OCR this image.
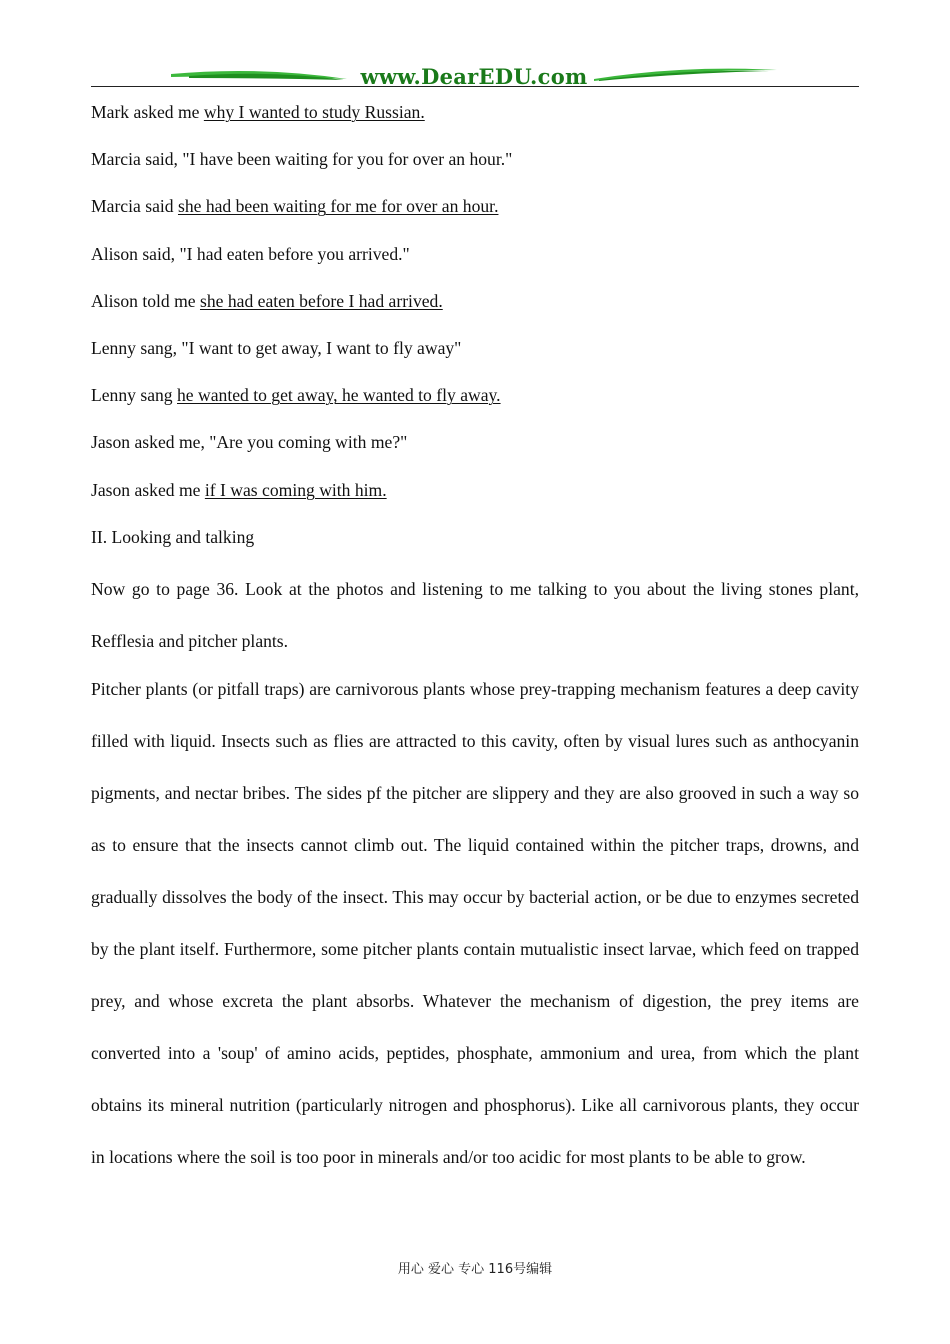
www.DearEDU.com
Mark asked me why I wanted to study Russian.
Marcia said, "I have been waiting for you for over an hour."
Marcia said she had been waiting for me for over an hour.
Alison said, "I had eaten before you arrived."
Alison told me she had eaten before I had arrived.
Lenny sang, "I want to get away, I want to fly away"
Lenny sang he wanted to get away, he wanted to fly away.
Jason asked me, "Are you coming with me?"
Jason asked me if I was coming with him.
II. Looking and talking

Now go to page 36. Look at the photos and listening to me talking to you about the living stones plant, Refflesia and pitcher plants.

Pitcher plants (or pitfall traps) are carnivorous plants whose prey-trapping mechanism features a deep cavity filled with liquid. Insects such as flies are attracted to this cavity, often by visual lures such as anthocyanin pigments, and nectar bribes. The sides pf the pitcher are slippery and they are also grooved in such a way so as to ensure that the insects cannot climb out. The liquid contained within the pitcher traps, drowns, and gradually dissolves the body of the insect. This may occur by bacterial action, or be due to enzymes secreted by the plant itself. Furthermore, some pitcher plants contain mutualistic insect larvae, which feed on trapped prey, and whose excreta the plant absorbs. Whatever the mechanism of digestion, the prey items are converted into a 'soup' of amino acids, peptides, phosphate, ammonium and urea, from which the plant obtains its mineral nutrition (particularly nitrogen and phosphorus). Like all carnivorous plants, they occur in locations where the soil is too poor in minerals and/or too acidic for most plants to be able to grow.

用心 爱心 专心 116号编辑
